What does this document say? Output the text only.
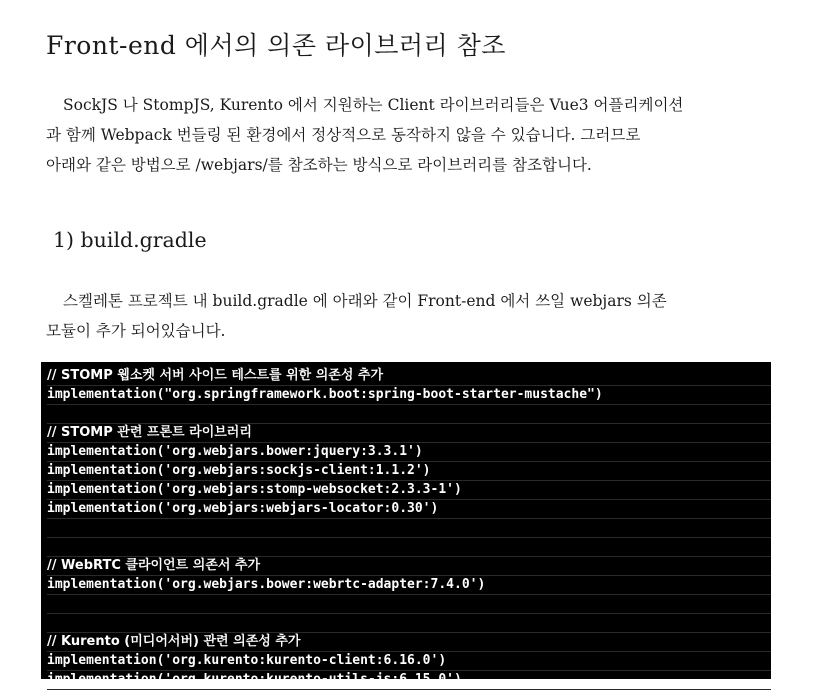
Front-end 에서의 의존 라이브러리 참조

SockJS 나 StompJS, Kurento 에서 지원하는 Client 라이브러리들은 Vue3 어플리케이션
과 함께 Webpack 번들링 된 환경에서 정상적으로 동작하지 않을 수 있습니다. 그러므로
아래와 같은 방법으로 /webjars/를 참조하는 방식으로 라이브러리를 참조합니다.

1) build.gradle

스켈레톤 프로젝트 내 build.gradle 에 아래와 같이 Front-end 에서 쓰일 webjars 의존
모듈이 추가 되어있습니다.

// STOMP 웹소켓 서버 사이드 테스트를 위한 의존성 추가
implementation("org.springframework.boot:spring-boot-starter-mustache")
// STOMP 관련 프론트 라이브러리
implementation('org.webjars.bower:jquery:3.3.1')
implementation('org.webjars:sockjs-client:1.1.2')
implementation('org.webjars:stomp-websocket:2.3.3-1')
implementation('org.webjars:webjars-locator:0.30')
// WebRTC 클라이언트 의존서 추가
implementation('org.webjars.bower:webrtc-adapter:7.4.0')
// Kurento (미디어서버) 관련 의존성 추가
implementation('org.kurento:kurento-client:6.16.0')
implementation('org.kurento:kurento-utils-js:6.15.0')
